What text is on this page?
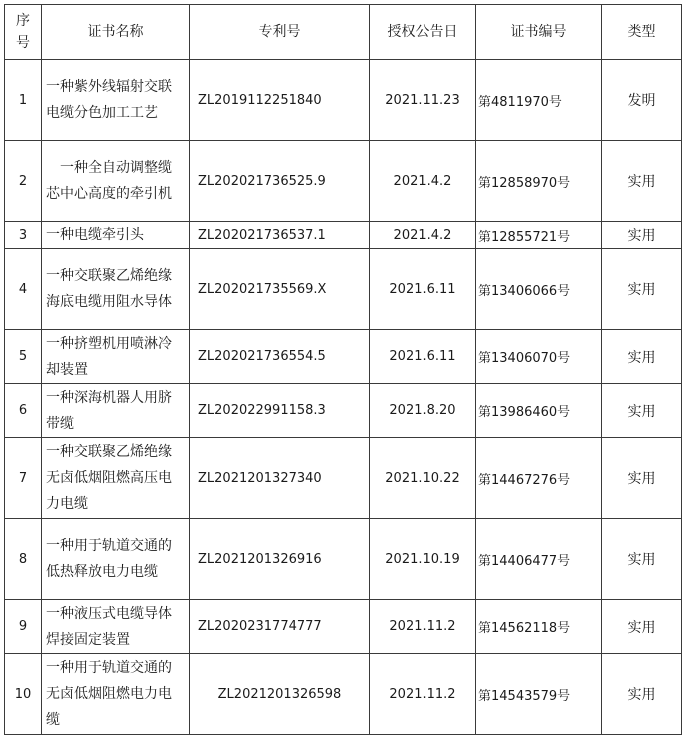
序号	证书名称	专利号	授权公告日	证书编号	类型
1	一种紫外线辐射交联电缆分色加工工艺	ZL2019112251840	2021.11.23	第4811970号	发明
2	一种全自动调整缆芯中心高度的牵引机	ZL202021736525.9	2021.4.2	第12858970号	实用
3	一种电缆牵引头	ZL202021736537.1	2021.4.2	第12855721号	实用
4	一种交联聚乙烯绝缘海底电缆用阻水导体	ZL202021735569.X	2021.6.11	第13406066号	实用
5	一种挤塑机用喷淋冷却装置	ZL202021736554.5	2021.6.11	第13406070号	实用
6	一种深海机器人用脐带缆	ZL202022991158.3	2021.8.20	第13986460号	实用
7	一种交联聚乙烯绝缘无卤低烟阻燃高压电力电缆	ZL2021201327340	2021.10.22	第14467276号	实用
8	一种用于轨道交通的低热释放电力电缆	ZL2021201326916	2021.10.19	第14406477号	实用
9	一种液压式电缆导体焊接固定装置	ZL2020231774777	2021.11.2	第14562118号	实用
10	一种用于轨道交通的无卤低烟阻燃电力电缆	ZL2021201326598	2021.11.2	第14543579号	实用
